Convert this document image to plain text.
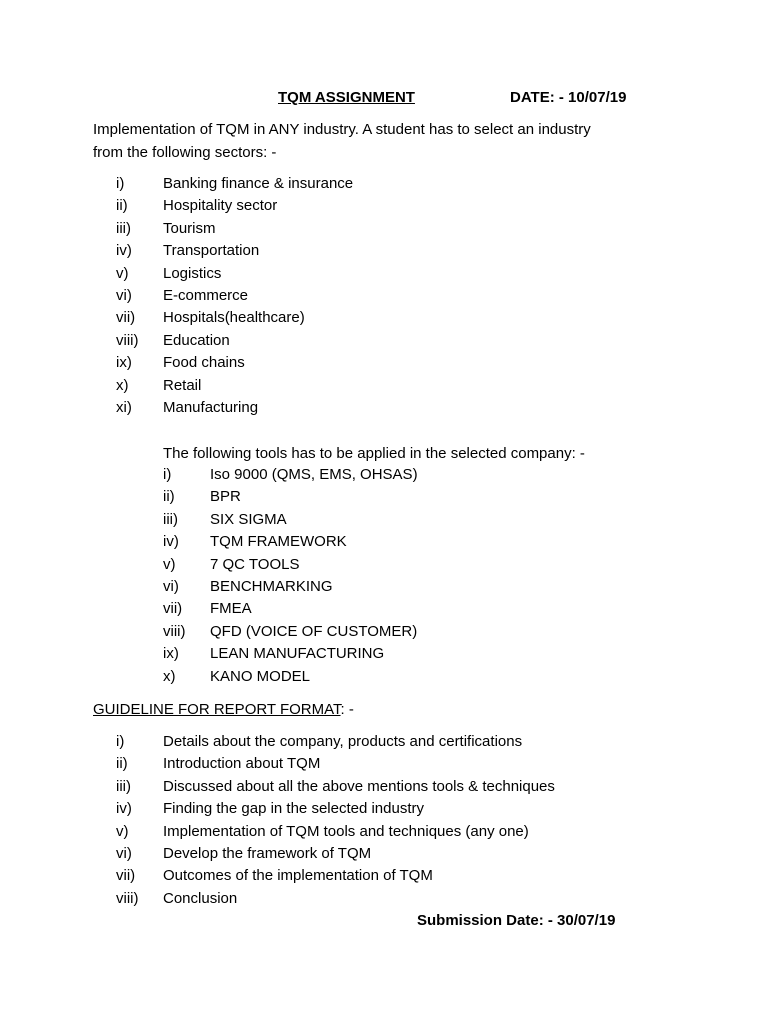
TQM ASSIGNMENT	DATE: - 10/07/19
Implementation of TQM in ANY industry. A student has to select an industry
from the following sectors: -
i)	Banking finance & insurance
ii) Hospitality sector
iii) Tourism
iv) Transportation
v) Logistics
vi) E-commerce
vii) Hospitals(healthcare)
viii) Education
ix) Food chains
x) Retail
xi) Manufacturing
The following tools has to be applied in the selected company: -
i)	Iso 9000 (QMS, EMS, OHSAS)
ii) BPR
iii) SIX SIGMA
iv) TQM FRAMEWORK
v) 7 QC TOOLS
vi) BENCHMARKING
vii) FMEA
viii) QFD (VOICE OF CUSTOMER)
ix) LEAN MANUFACTURING
x) KANO MODEL
GUIDELINE FOR REPORT FORMAT: -
i)	Details about the company, products and certifications
ii) Introduction about TQM
iii) Discussed about all the above mentions tools & techniques
iv) Finding the gap in the selected industry
v) Implementation of TQM tools and techniques (any one)
vi) Develop the framework of TQM
vii) Outcomes of the implementation of TQM
viii) Conclusion
Submission Date: - 30/07/19
